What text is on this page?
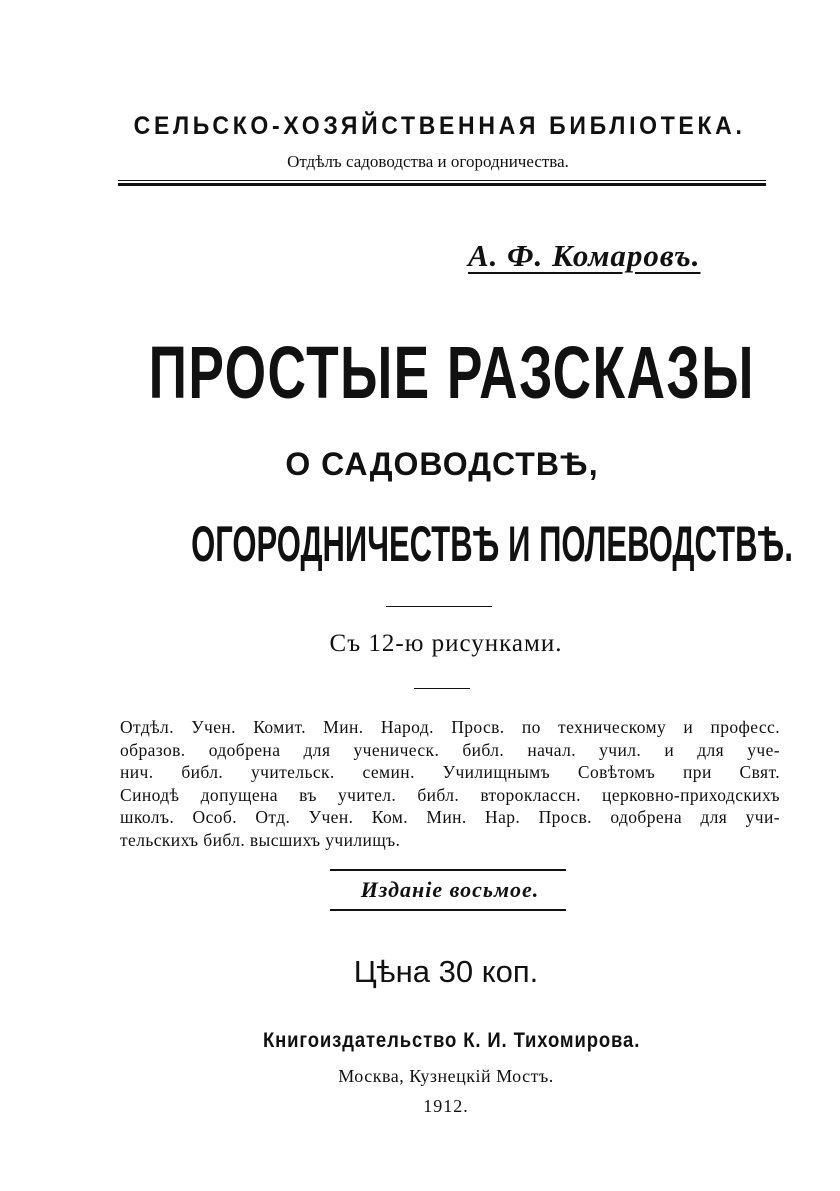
СЕЛЬСКО-ХОЗЯЙСТВЕННАЯ БИБЛIОТЕКА.
Отдѣлъ садоводства и огородничества.
А. Ф. Комаровъ.
ПРОСТЫЕ РАЗСКАЗЫ
О САДОВОДСТВѢ,
ОГОРОДНИЧЕСТВѢ И ПОЛЕВОДСТВѢ.
Съ 12-ю рисунками.
Отдѣл. Учен. Комит. Мин. Народ. Просв. по техническому и професс.
образов. одобрена для ученическ. библ. начал. учил. и для уче-
нич. библ. учительск. семин. Училищнымъ Совѣтомъ при Свят.
Синодѣ допущена въ учител. библ. второклассн. церковно-приходскихъ
школъ. Особ. Отд. Учен. Ком. Мин. Нар. Просв. одобрена для учи-
тельскихъ библ. высшихъ училищъ.
Изданiе восьмое.
Цѣна 30 коп.
Книгоиздательство К. И. Тихомирова.
Москва, Кузнецкiй Мостъ.
1912.
